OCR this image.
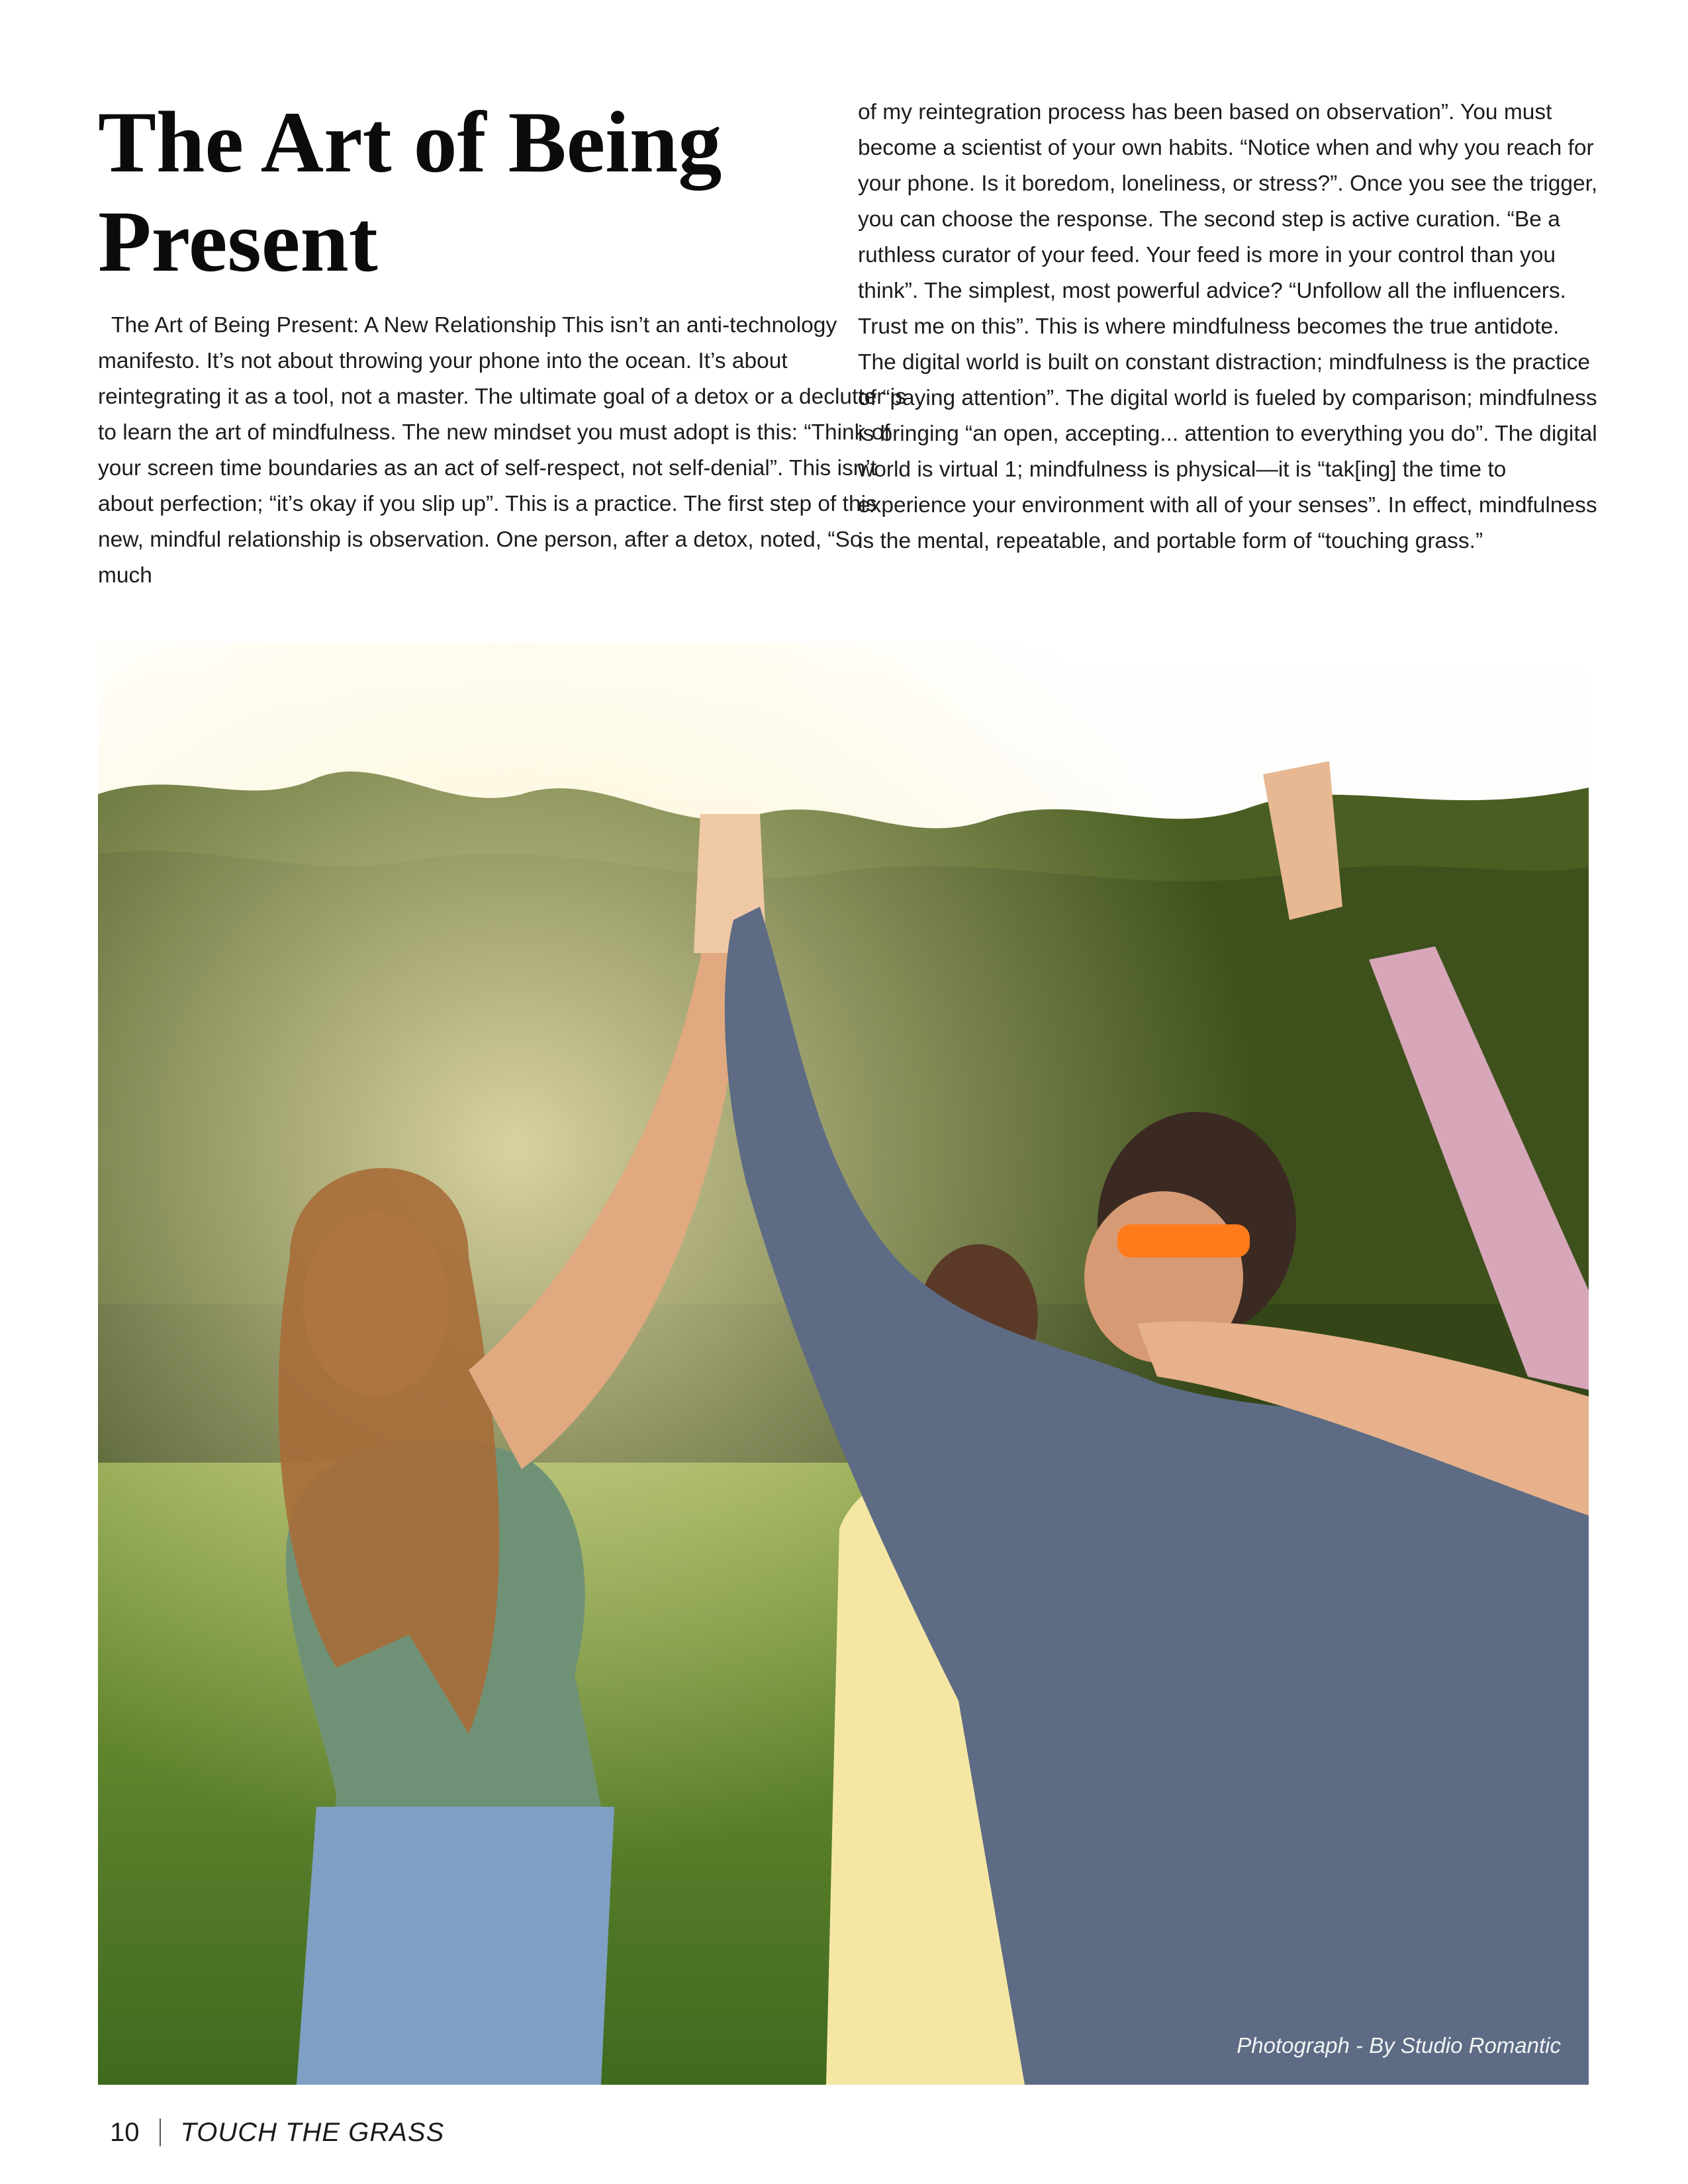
The Art of Being Present

The Art of Being Present: A New Relationship This isn’t an anti-technology manifesto. It’s not about throwing your phone into the ocean. It’s about reintegrating it as a tool, not a master. The ultimate goal of a detox or a declutter is to learn the art of mindfulness. The new mindset you must adopt is this: “Think of your screen time boundaries as an act of self-respect, not self-denial”. This isn’t about perfection; “it’s okay if you slip up”. This is a practice. The first step of this new, mindful relationship is observation. One person, after a detox, noted, “So much

of my reintegration process has been based on observation”. You must become a scientist of your own habits. “Notice when and why you reach for your phone. Is it boredom, loneliness, or stress?”. Once you see the trigger, you can choose the response. The second step is active curation. “Be a ruthless curator of your feed. Your feed is more in your control than you think”. The simplest, most powerful advice? “Unfollow all the influencers. Trust me on this”. This is where mindfulness becomes the true antidote. The digital world is built on constant distraction; mindfulness is the practice of “paying attention”. The digital world is fueled by comparison; mindfulness is bringing “an open, accepting... attention to everything you do”. The digital world is virtual 1; mindfulness is physical—it is “tak[ing] the time to experience your environment with all of your senses”. In effect, mindfulness is the mental, repeatable, and portable form of “touching grass.”

Photograph - By Studio Romantic

10 TOUCH THE GRASS
